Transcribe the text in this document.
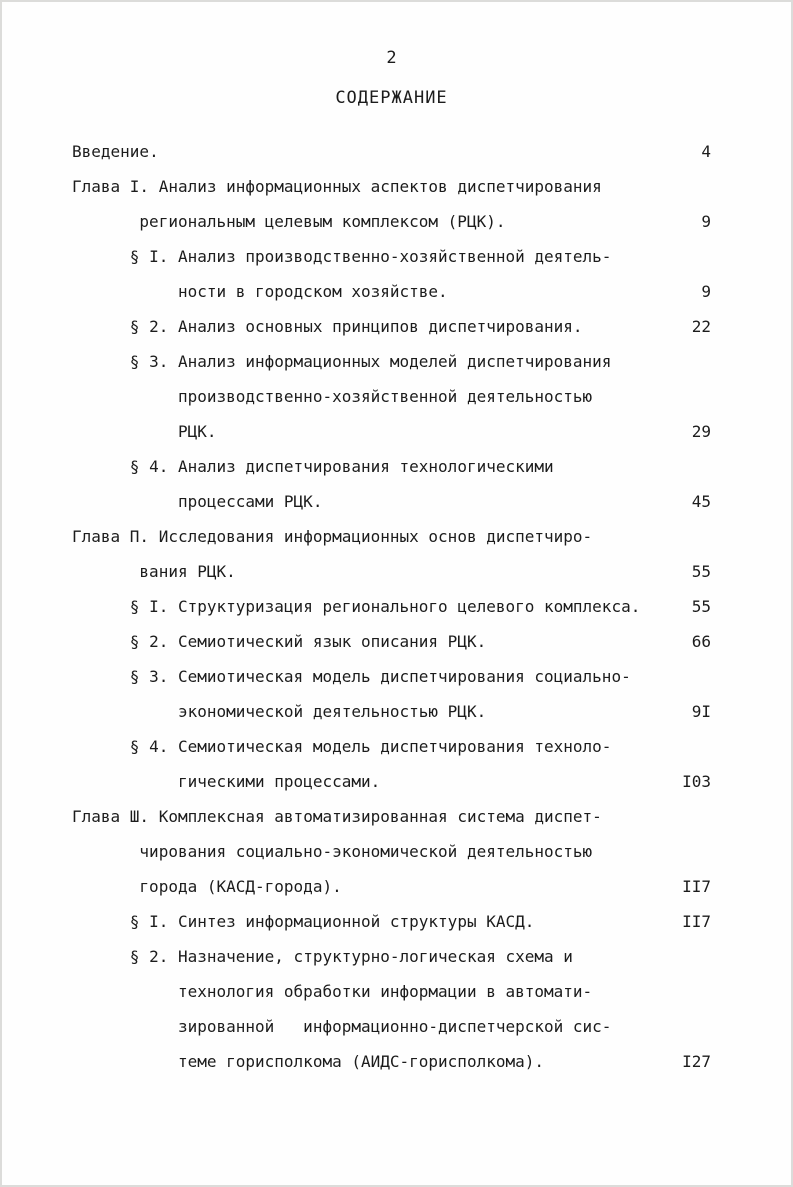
2
СОДЕРЖАНИЕ
Введение.	4
Глава I. Анализ информационных аспектов диспетчирования
региональным целевым комплексом (РЦК).	9
§ I. Анализ производственно-хозяйственной деятель-
ности в городском хозяйстве.	9
§ 2. Анализ основных принципов диспетчирования.	22
§ 3. Анализ информационных моделей диспетчирования
производственно-хозяйственной деятельностью
РЦК.	29
§ 4. Анализ диспетчирования технологическими
процессами РЦК.	45
Глава П. Исследования информационных основ диспетчиро-
вания РЦК.	55
§ I. Структуризация регионального целевого комплекса.	55
§ 2. Семиотический язык описания РЦК.	66
§ 3. Семиотическая модель диспетчирования социально-
экономической деятельностью РЦК.	9I
§ 4. Семиотическая модель диспетчирования техноло-
гическими процессами.	I03
Глава Ш. Комплексная автоматизированная система диспет-
чирования социально-экономической деятельностью
города (КАСД-города).	II7
§ I. Синтез информационной структуры КАСД.	II7
§ 2. Назначение, структурно-логическая схема и
технология обработки информации в автомати-
зированной   информационно-диспетчерской сис-
теме горисполкома (АИДС-горисполкома).	I27
